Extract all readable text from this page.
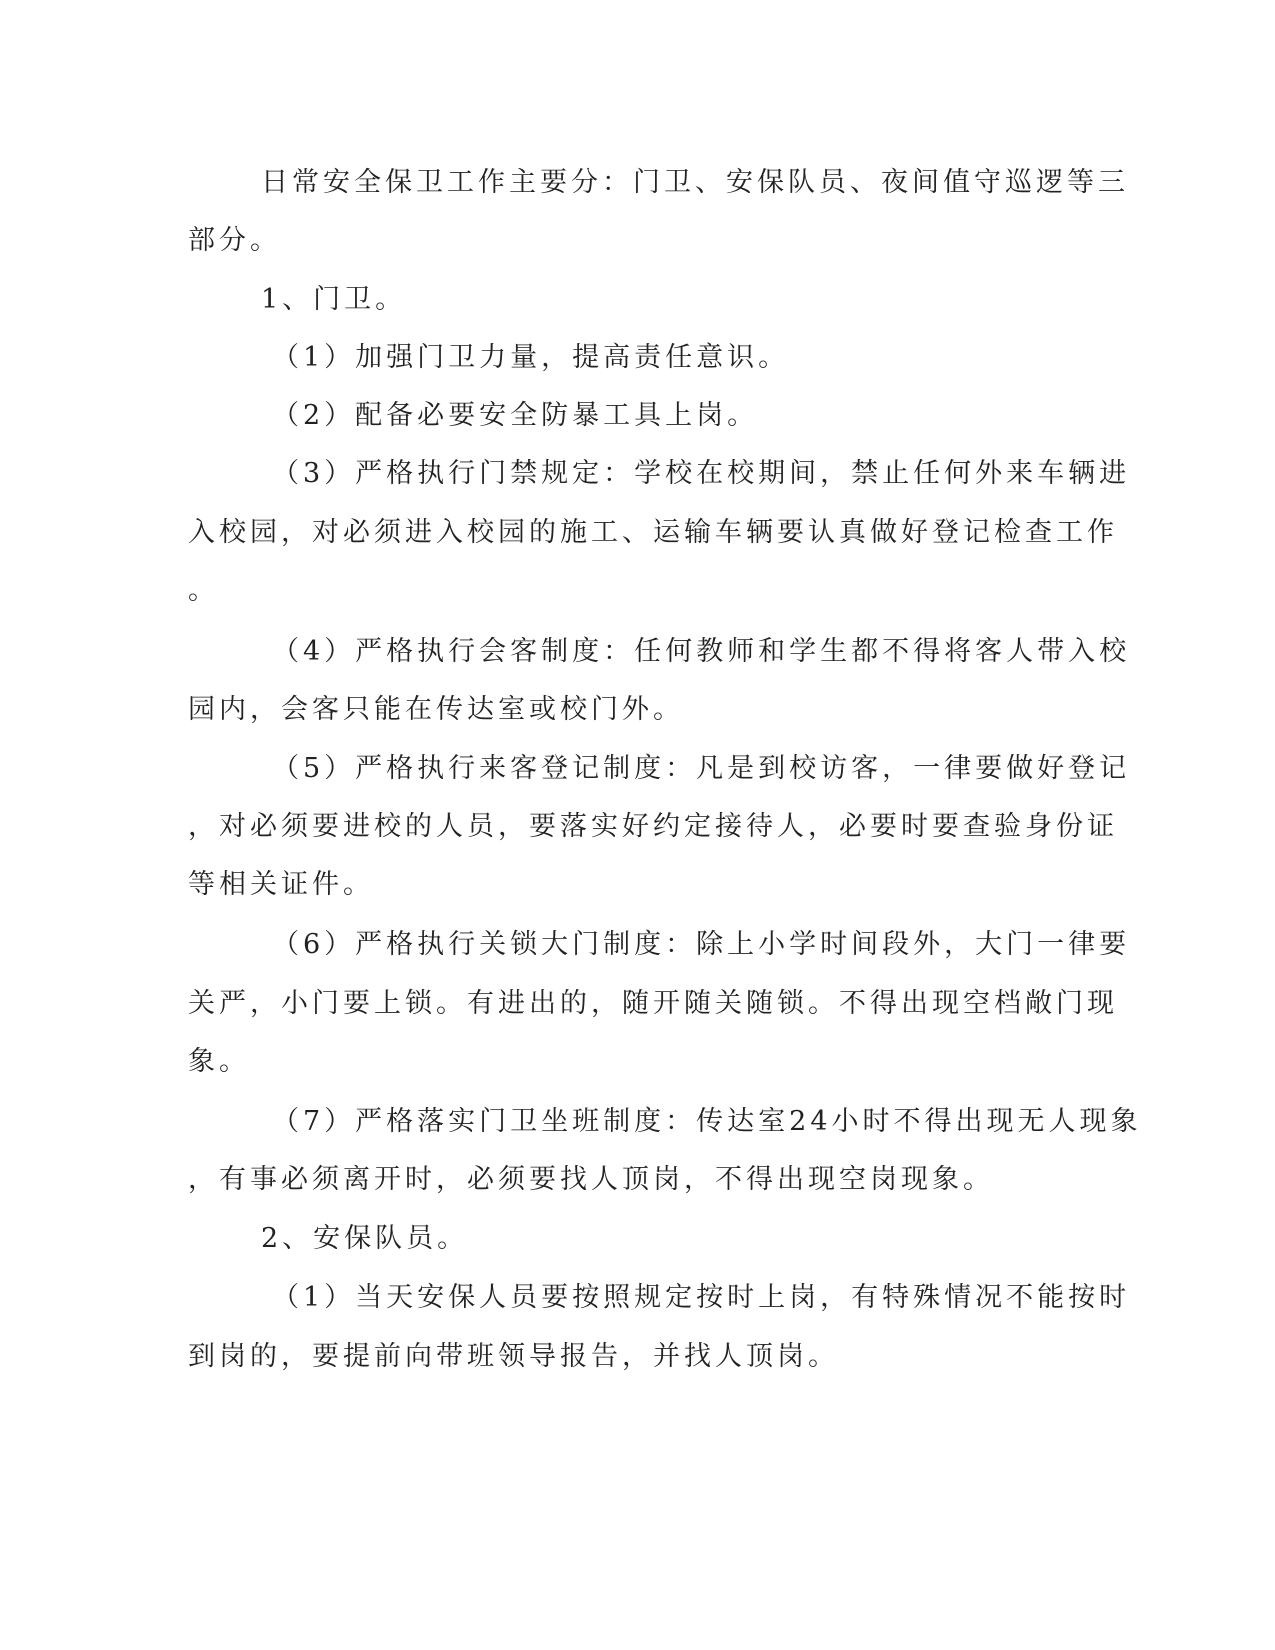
日常安全保卫工作主要分：门卫、安保队员、夜间值守巡逻等三
部分。
1、门卫。
（1）加强门卫力量，提高责任意识。
（2）配备必要安全防暴工具上岗。
（3）严格执行门禁规定：学校在校期间，禁止任何外来车辆进
入校园，对必须进入校园的施工、运输车辆要认真做好登记检查工作
。
（4）严格执行会客制度：任何教师和学生都不得将客人带入校
园内，会客只能在传达室或校门外。
（5）严格执行来客登记制度：凡是到校访客，一律要做好登记
，对必须要进校的人员，要落实好约定接待人，必要时要查验身份证
等相关证件。
（6）严格执行关锁大门制度：除上小学时间段外，大门一律要
关严，小门要上锁。有进出的，随开随关随锁。不得出现空档敞门现
象。
（7）严格落实门卫坐班制度：传达室24小时不得出现无人现象
，有事必须离开时，必须要找人顶岗，不得出现空岗现象。
2、安保队员。
（1）当天安保人员要按照规定按时上岗，有特殊情况不能按时
到岗的，要提前向带班领导报告，并找人顶岗。
